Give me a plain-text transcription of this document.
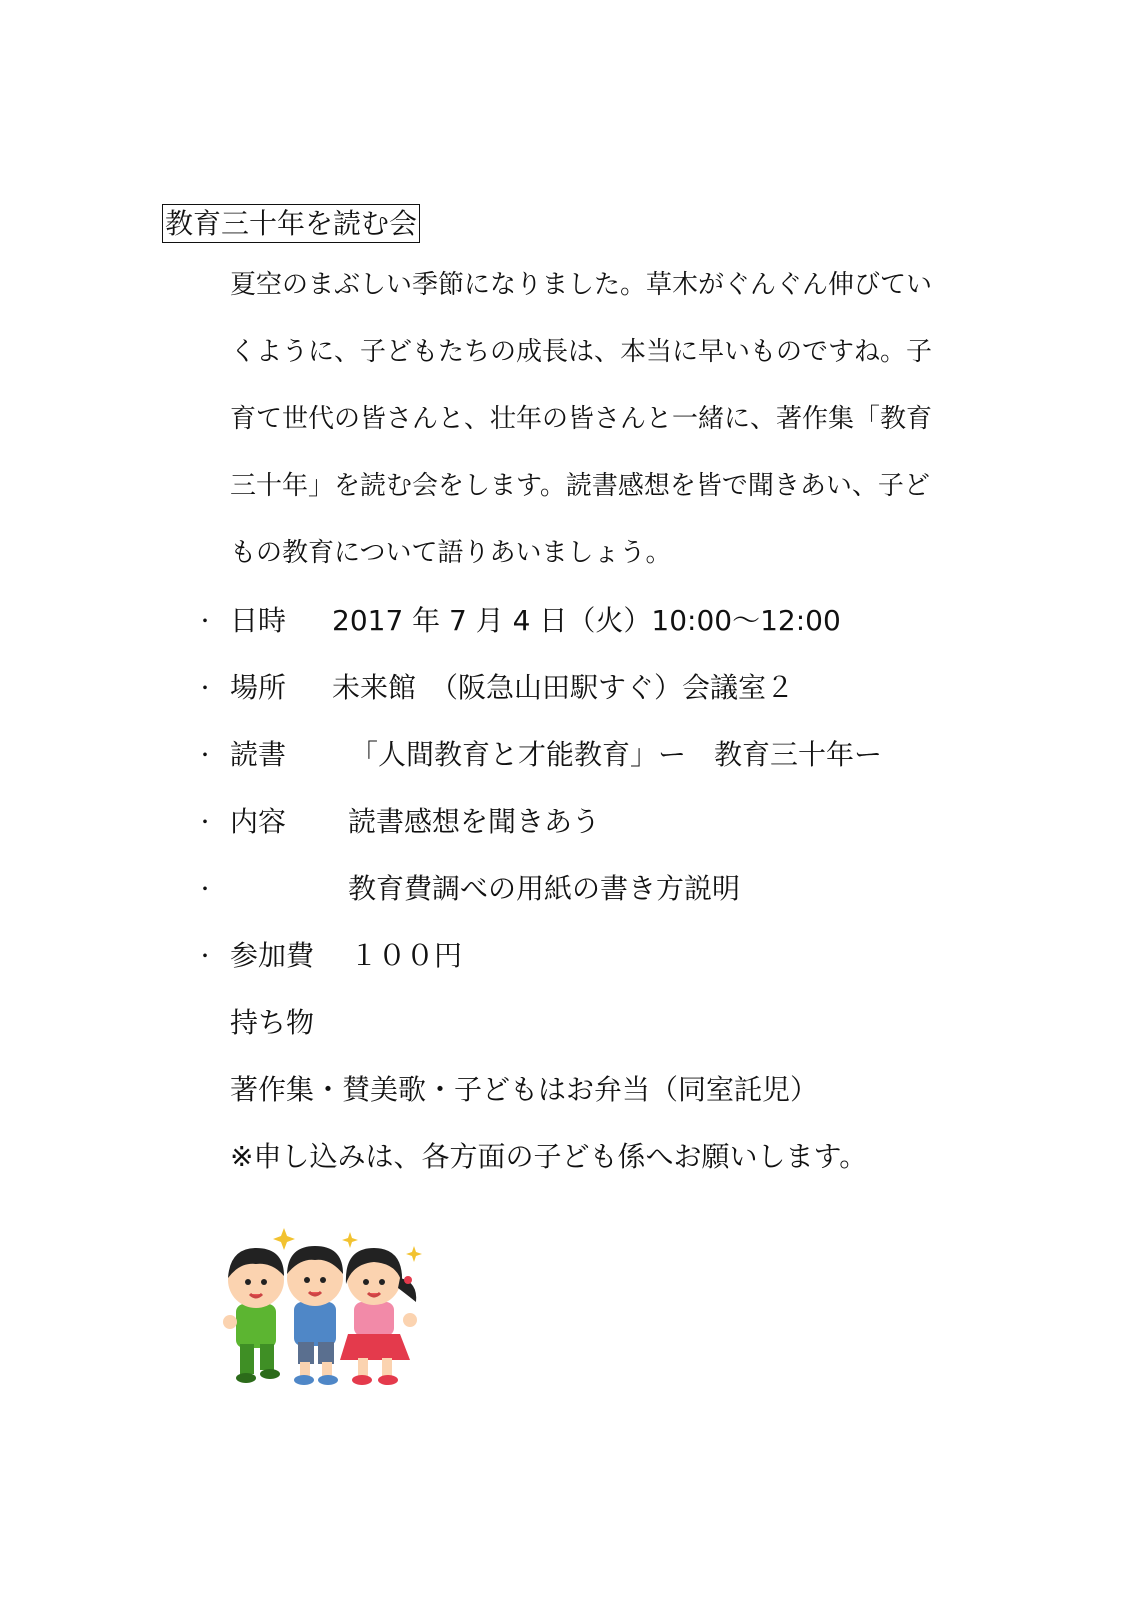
教育三十年を読む会
夏空のまぶしい季節になりました。草木がぐんぐん伸びてい
くように、子どもたちの成長は、本当に早いものですね。子
育て世代の皆さんと、壮年の皆さんと一緒に、著作集「教育
三十年」を読む会をします。読書感想を皆で聞きあい、子ど
もの教育について語りあいましょう。
・ 日時 2017 年 7 月 4 日（火）10:00～12:00
・ 場所 未来館　（阪急山田駅すぐ）会議室２
・ 読書 「人間教育と才能教育」ー　教育三十年ー
・ 内容 読書感想を聞きあう
・	教育費調べの用紙の書き方説明
・ 参加費 １００円
持ち物
著作集・賛美歌・子どもはお弁当（同室託児）
※申し込みは、各方面の子ども係へお願いします。
